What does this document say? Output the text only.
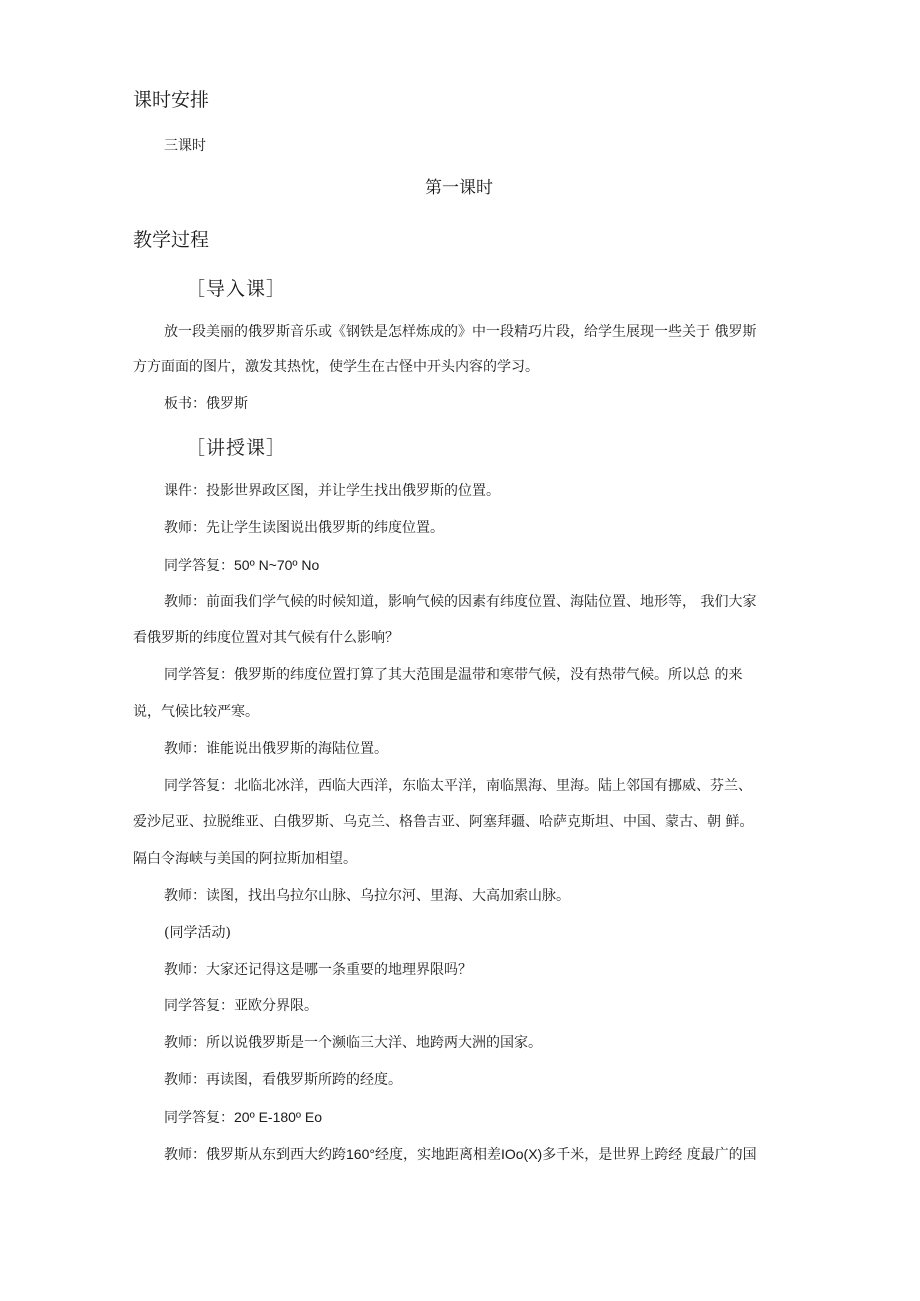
课时安排
三课时
第一课时
教学过程
［导入课］
放一段美丽的俄罗斯音乐或《钢铁是怎样炼成的》中一段精巧片段，给学生展现一些关于 俄罗斯
方方面面的图片，激发其热忱，使学生在古怪中开头内容的学习。
板书：俄罗斯
［讲授课］
课件：投影世界政区图，并让学生找出俄罗斯的位置。
教师：先让学生读图说出俄罗斯的纬度位置。
同学答复：50º N~70º No
教师：前面我们学气候的时候知道，影响气候的因素有纬度位置、海陆位置、地形等， 我们大家
看俄罗斯的纬度位置对其气候有什么影响？
同学答复：俄罗斯的纬度位置打算了其大范围是温带和寒带气候，没有热带气候。所以总 的来
说，气候比较严寒。
教师：谁能说出俄罗斯的海陆位置。
同学答复：北临北冰洋，西临大西洋，东临太平洋，南临黑海、里海。陆上邻国有挪威、芬兰、
爱沙尼亚、拉脱维亚、白俄罗斯、乌克兰、格鲁吉亚、阿塞拜疆、哈萨克斯坦、中国、蒙古、朝 鲜。
隔白令海峡与美国的阿拉斯加相望。
教师：读图，找出乌拉尔山脉、乌拉尔河、里海、大高加索山脉。
(同学活动)
教师：大家还记得这是哪一条重要的地理界限吗？
同学答复：亚欧分界限。
教师：所以说俄罗斯是一个濒临三大洋、地跨两大洲的国家。
教师：再读图，看俄罗斯所跨的经度。
同学答复：20º E-180º Eo
教师：俄罗斯从东到西大约跨160°经度，实地距离相差IOo(X)多千米，是世界上跨经 度最广的国
